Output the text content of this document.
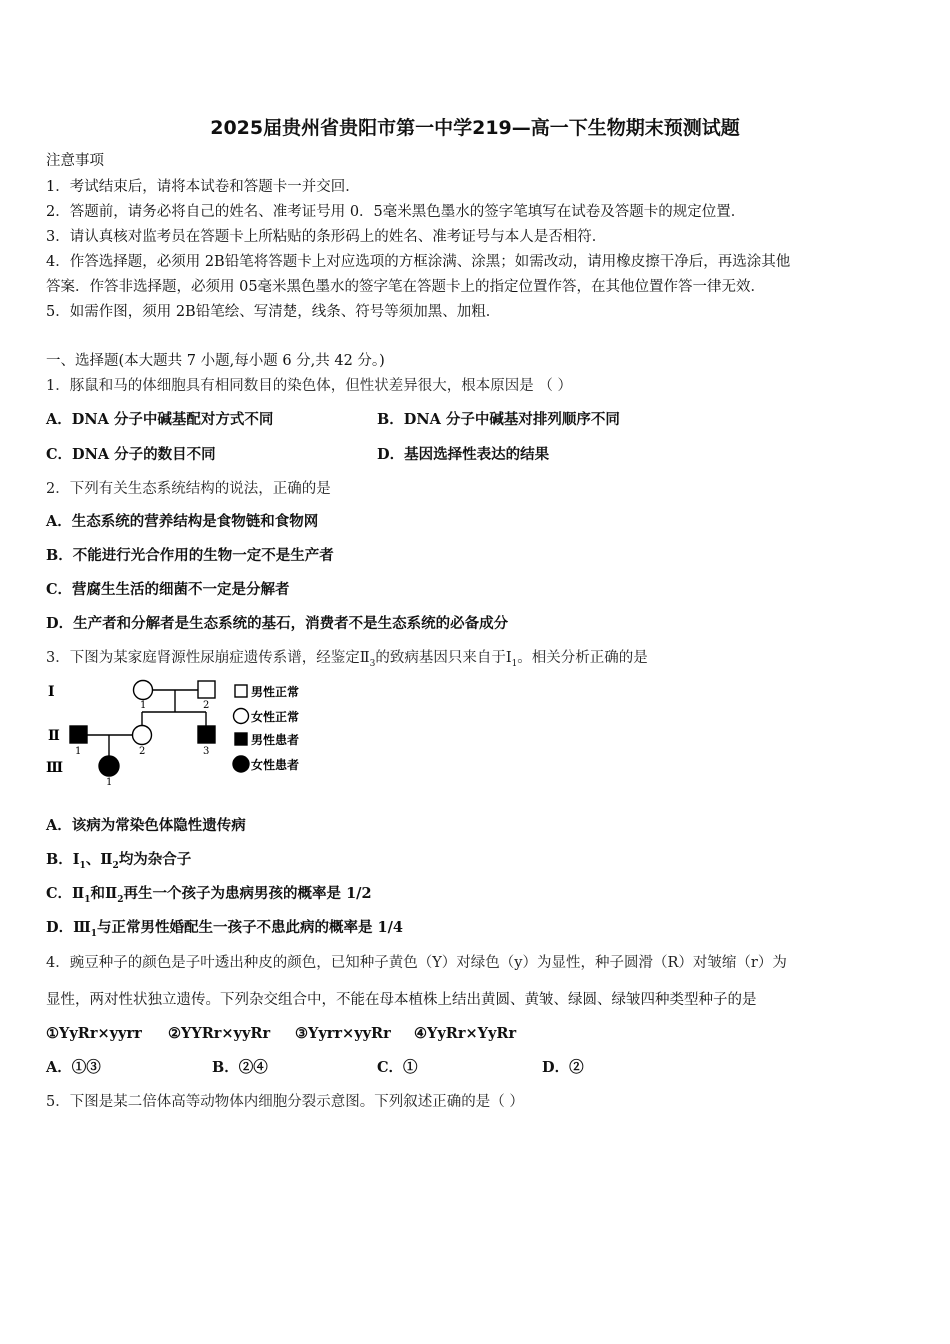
2025届贵州省贵阳市第一中学219—高一下生物期末预测试题
注意事项
1．考试结束后，请将本试卷和答题卡一并交回．
2．答题前，请务必将自己的姓名、准考证号用 0．5毫米黑色墨水的签字笔填写在试卷及答题卡的规定位置．
3．请认真核对监考员在答题卡上所粘贴的条形码上的姓名、准考证号与本人是否相符．
4．作答选择题，必须用 2B铅笔将答题卡上对应选项的方框涂满、涂黑；如需改动，请用橡皮擦干净后，再选涂其他
答案．作答非选择题，必须用 05毫米黑色墨水的签字笔在答题卡上的指定位置作答，在其他位置作答一律无效．
5．如需作图，须用 2B铅笔绘、写清楚，线条、符号等须加黑、加粗．
一、选择题(本大题共 7 小题,每小题 6 分,共 42 分。)
1．豚鼠和马的体细胞具有相同数目的染色体，但性状差异很大，根本原因是 （ ）
A．DNA 分子中碱基配对方式不同	B．DNA 分子中碱基对排列顺序不同
C．DNA 分子的数目不同	D．基因选择性表达的结果
2．下列有关生态系统结构的说法，正确的是
A．生态系统的营养结构是食物链和食物网
B．不能进行光合作用的生物一定不是生产者
C．营腐生生活的细菌不一定是分解者
D．生产者和分解者是生态系统的基石，消费者不是生态系统的必备成分
3．下图为某家庭肾源性尿崩症遗传系谱，经鉴定$Ⅱ_3$的致病基因只来自于$Ⅰ_1$。相关分析正确的是
Ⅰ
Ⅱ
Ⅲ
1	2
1	2	3
1
男性正常
女性正常
男性患者
女性患者
A．该病为常染色体隐性遗传病
B．$Ⅰ_1$、$Ⅱ_2$均为杂合子
C．$Ⅱ_1$和$Ⅱ_2$再生一个孩子为患病男孩的概率是 1/2
D．$Ⅲ_1$与正常男性婚配生一孩子不患此病的概率是 1/4
4．豌豆种子的颜色是子叶透出种皮的颜色，已知种子黄色（Y）对绿色（y）为显性，种子圆滑（R）对皱缩（r）为
显性，两对性状独立遗传。下列杂交组合中，不能在母本植株上结出黄圆、黄皱、绿圆、绿皱四种类型种子的是
①YyRr×yyrr ②YYRr×yyRr ③Yyrr×yyRr ④YyRr×YyRr
A．①③	B．②④	C．①	D．②
5．下图是某二倍体高等动物体内细胞分裂示意图。下列叙述正确的是（ ）
